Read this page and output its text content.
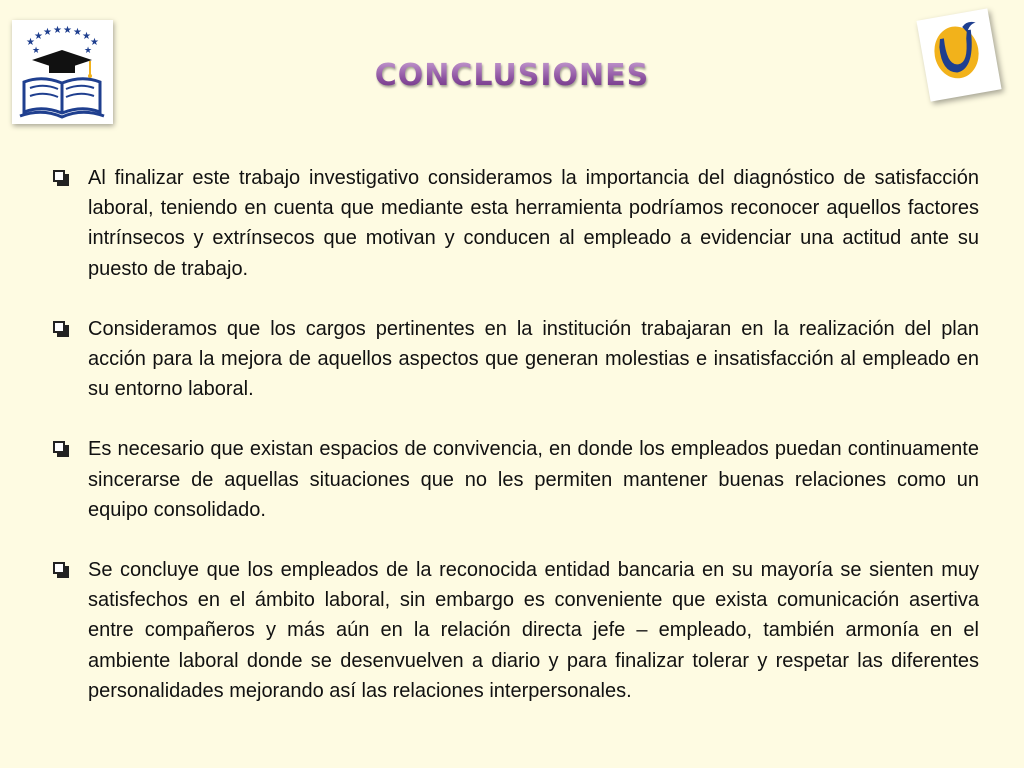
★
★ ★ ★ ★ ★ ★
★
★	★
CONCLUSIONES
Al finalizar este trabajo investigativo consideramos la importancia del diagnóstico de satisfacción laboral, teniendo en cuenta que mediante esta herramienta podríamos reconocer aquellos factores intrínsecos y extrínsecos que motivan y conducen al empleado a evidenciar una actitud ante su puesto de trabajo.
Consideramos que los cargos pertinentes en la institución trabajaran en la realización del plan acción para la mejora de aquellos aspectos que generan molestias e insatisfacción al empleado en su entorno laboral.
Es necesario que existan espacios de convivencia, en donde los empleados puedan continuamente sincerarse de aquellas situaciones que no les permiten mantener buenas relaciones como un equipo consolidado.
Se concluye que los empleados de la reconocida entidad bancaria en su mayoría se sienten muy satisfechos en el ámbito laboral, sin embargo es conveniente que exista comunicación asertiva entre compañeros y más aún en la relación directa jefe – empleado, también armonía en el ambiente laboral donde se desenvuelven a diario y para finalizar tolerar y respetar las diferentes personalidades mejorando así las relaciones interpersonales.
